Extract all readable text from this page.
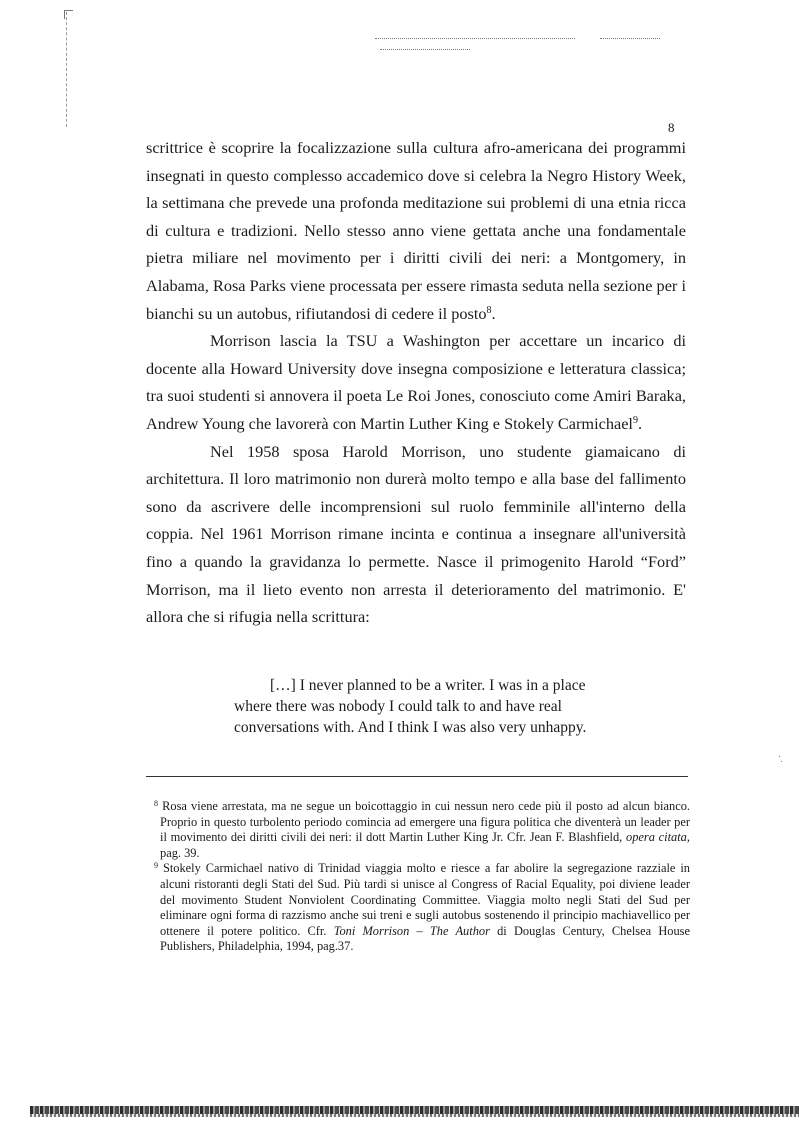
·̣
8

scrittrice è scoprire la focalizzazione sulla cultura afro-americana dei programmi insegnati in questo complesso accademico dove si celebra la Negro History Week, la settimana che prevede una profonda meditazione sui problemi di una etnia ricca di cultura e tradizioni. Nello stesso anno viene gettata anche una fondamentale pietra miliare nel movimento per i diritti civili dei neri: a Montgomery, in Alabama, Rosa Parks viene processata per essere rimasta seduta nella sezione per i bianchi su un autobus, rifiutandosi di cedere il posto$^8$.

Morrison lascia la TSU a Washington per accettare un incarico di docente alla Howard University dove insegna composizione e letteratura classica; tra suoi studenti si annovera il poeta Le Roi Jones, conosciuto come Amiri Baraka, Andrew Young che lavorerà con Martin Luther King e Stokely Carmichael$^9$.

Nel 1958 sposa Harold Morrison, uno studente giamaicano di architettura. Il loro matrimonio non durerà molto tempo e alla base del fallimento sono da ascrivere delle incomprensioni sul ruolo femminile all'interno della coppia. Nel 1961 Morrison rimane incinta e continua a insegnare all'università fino a quando la gravidanza lo permette. Nasce il primogenito Harold “Ford” Morrison, ma il lieto evento non arresta il deterioramento del matrimonio. E' allora che si rifugia nella scrittura:

[…] I never planned to be a writer. I was in a place
where there was nobody I could talk to and have real
conversations with. And I think I was also very unhappy.

$^8$ Rosa viene arrestata, ma ne segue un boicottaggio in cui nessun nero cede più il posto ad alcun bianco. Proprio in questo turbolento periodo comincia ad emergere una figura politica che diventerà un leader per il movimento dei diritti civili dei neri: il dott Martin Luther King Jr. Cfr. Jean F. Blashfield, opera citata, pag. 39.

$^9$ Stokely Carmichael nativo di Trinidad viaggia molto e riesce a far abolire la segregazione razziale in alcuni ristoranti degli Stati del Sud. Più tardi si unisce al Congress of Racial Equality, poi diviene leader del movimento Student Nonviolent Coordinating Committee. Viaggia molto negli Stati del Sud per eliminare ogni forma di razzismo anche sui treni e sugli autobus sostenendo il principio machiavellico per ottenere il potere politico. Cfr. Toni Morrison – The Author di Douglas Century, Chelsea House Publishers, Philadelphia, 1994, pag.37.
